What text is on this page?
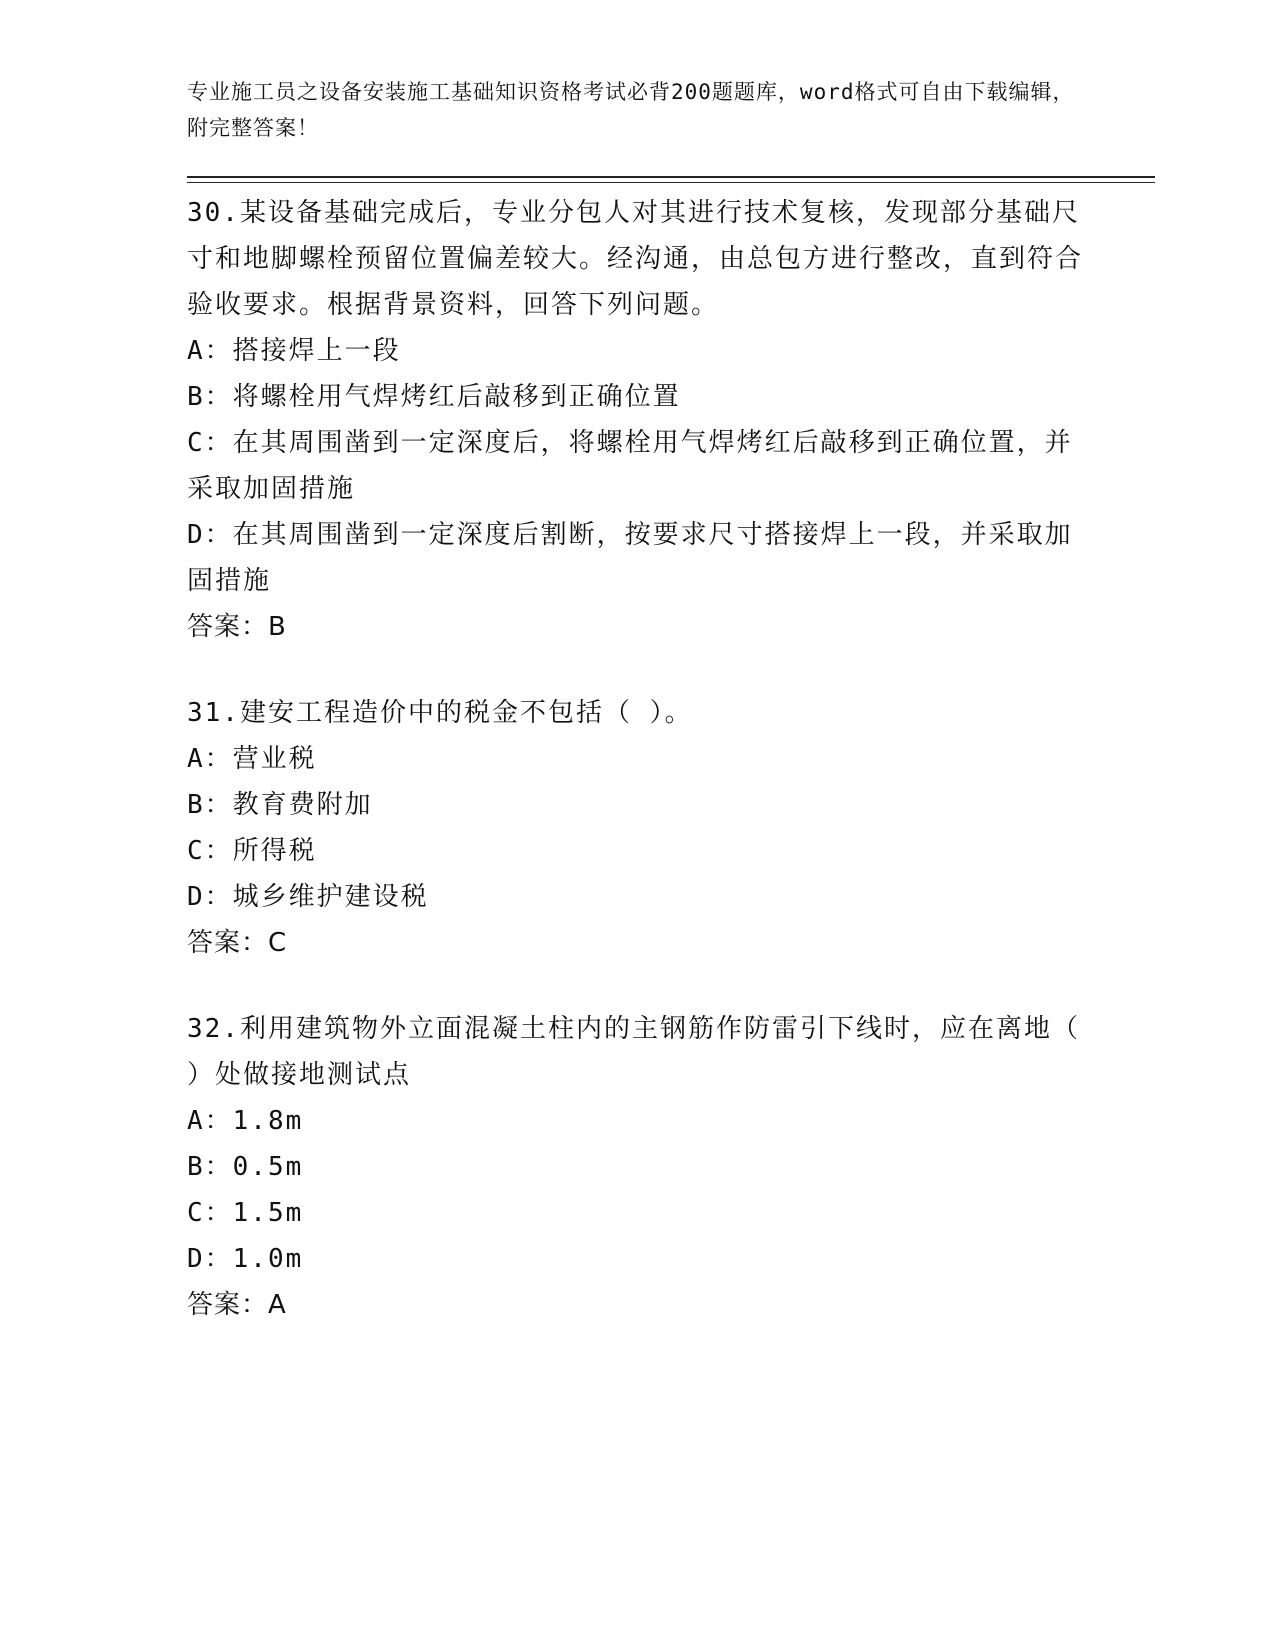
专业施工员之设备安装施工基础知识资格考试必背200题题库，word格式可自由下载编辑，附完整答案！
30.某设备基础完成后，专业分包人对其进行技术复核，发现部分基础尺寸和地脚螺栓预留位置偏差较大。经沟通，由总包方进行整改，直到符合验收要求。根据背景资料，回答下列问题。
A：搭接焊上一段
B：将螺栓用气焊烤红后敲移到正确位置
C：在其周围凿到一定深度后，将螺栓用气焊烤红后敲移到正确位置，并采取加固措施
D：在其周围凿到一定深度后割断，按要求尺寸搭接焊上一段，并采取加固措施
答案：B
31.建安工程造价中的税金不包括（ ）。
A：营业税
B：教育费附加
C：所得税
D：城乡维护建设税
答案：C
32.利用建筑物外立面混凝土柱内的主钢筋作防雷引下线时，应在离地（ ）处做接地测试点
A：1.8m
B：0.5m
C：1.5m
D：1.0m
答案：A
